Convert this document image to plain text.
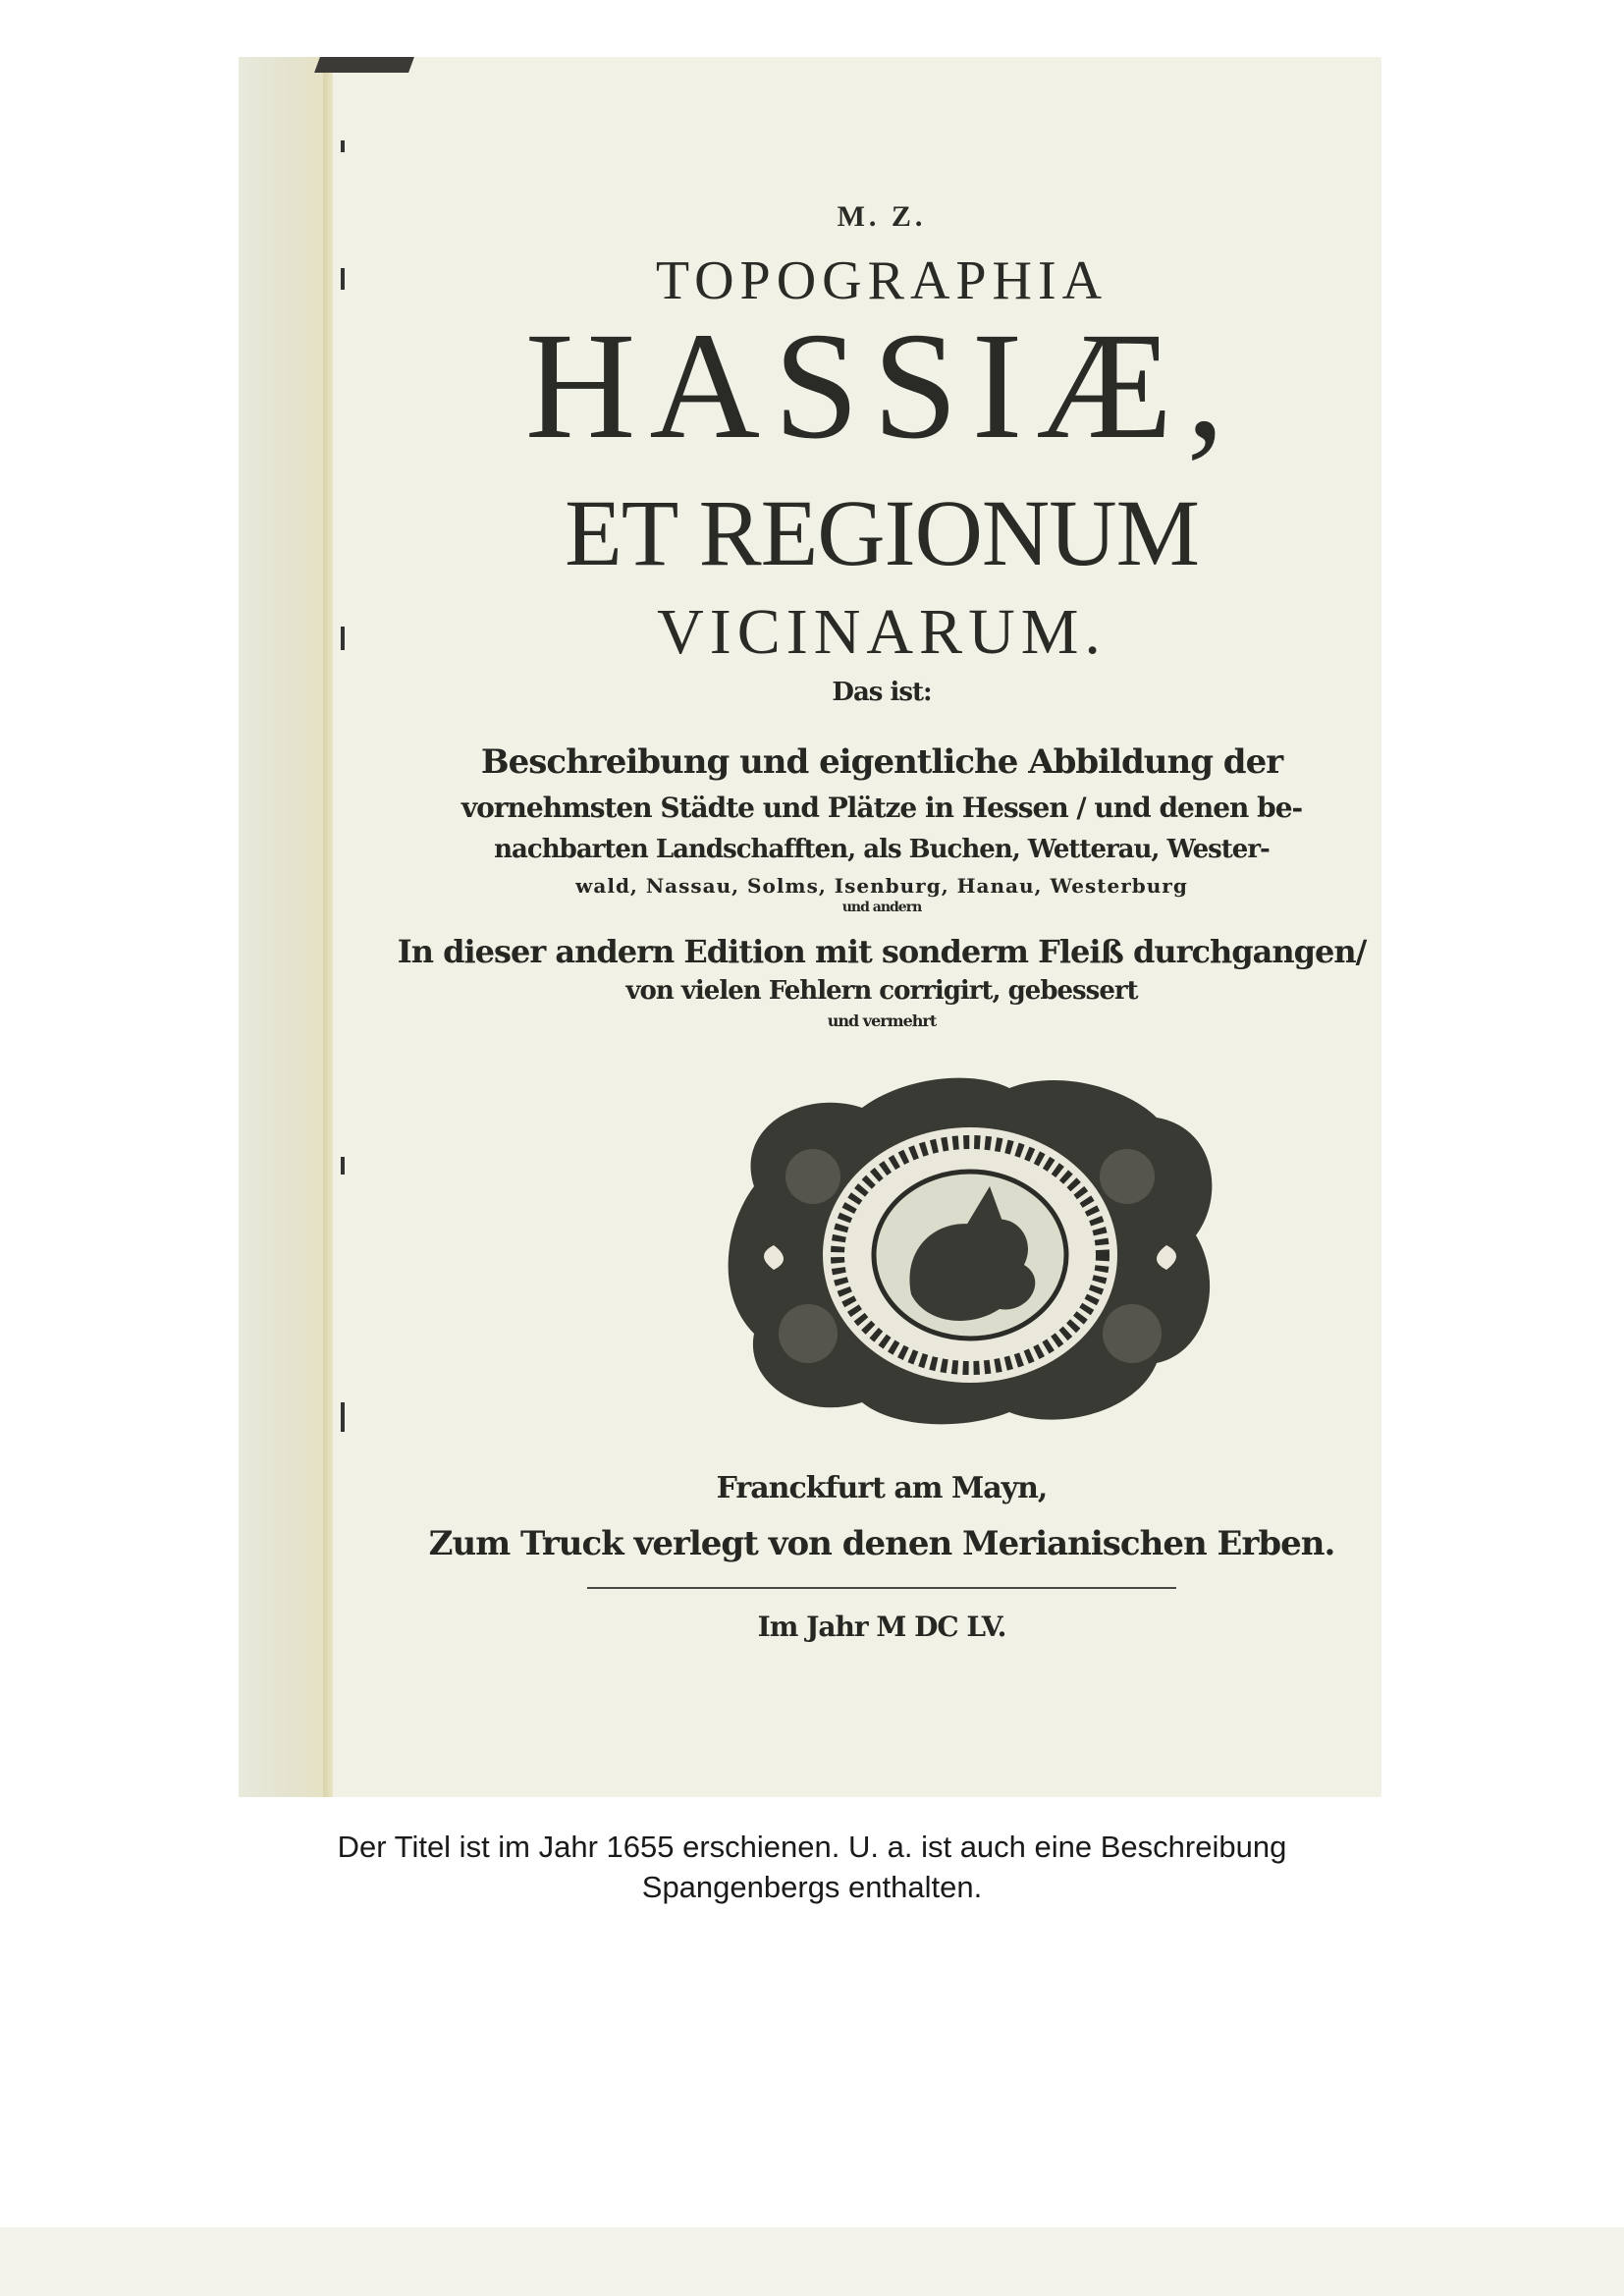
M. Z.
TOPOGRAPHIA
HASSIÆ,
ET REGIONUM
VICINARUM.
Das ist:
Beschreibung und eigentliche Abbildung der
vornehmsten Städte und Plätze in Hessen / und denen be-
nachbarten Landschafften, als Buchen, Wetterau, Wester-
wald, Nassau, Solms, Isenburg, Hanau, Westerburg
und andern
In dieser andern Edition mit sonderm Fleiß durchgangen/
von vielen Fehlern corrigirt, gebessert
und vermehrt
Franckfurt am Mayn,
Zum Truck verlegt von denen Merianischen Erben.
Im Jahr M DC LV.
Der Titel ist im Jahr 1655 erschienen. U. a. ist auch eine Beschreibung
Spangenbergs enthalten.
